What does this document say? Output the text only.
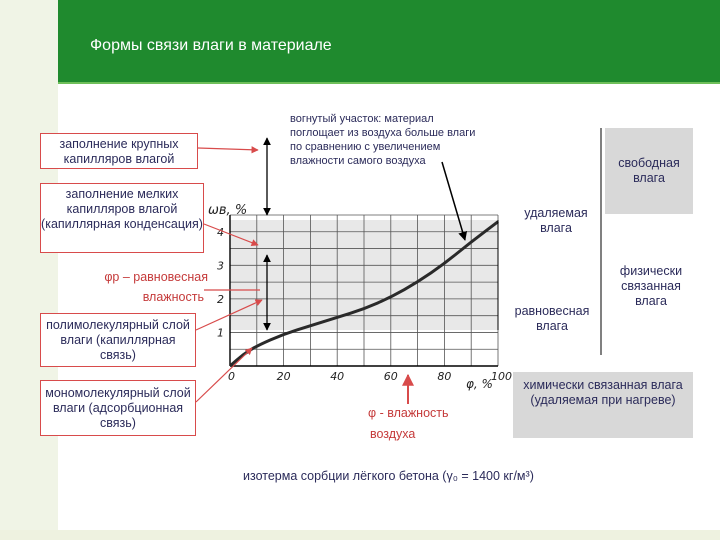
Формы связи влаги в материале
0	20	40	60	80	100
1
2
3
4
ωв, %
φ, %
заполнение крупных капилляров влагой
заполнение мелких капилляров влагой (капиллярная конденсация)
φр – равновесная
влажность
полимолекулярный слой влаги (капиллярная связь)
мономолекулярный слой влаги (адсорбционная связь)
вогнутый участок: материал поглощает из воздуха больше влаги по сравнению с увеличением влажности самого воздуха	свободная влага
удаляемая влага
равновесная влага
физически связанная влага
химически связанная влага (удаляемая при нагреве)
φ - влажность
воздуха
изотерма сорбции лёгкого бетона (γ₀ = 1400 кг/м³)
